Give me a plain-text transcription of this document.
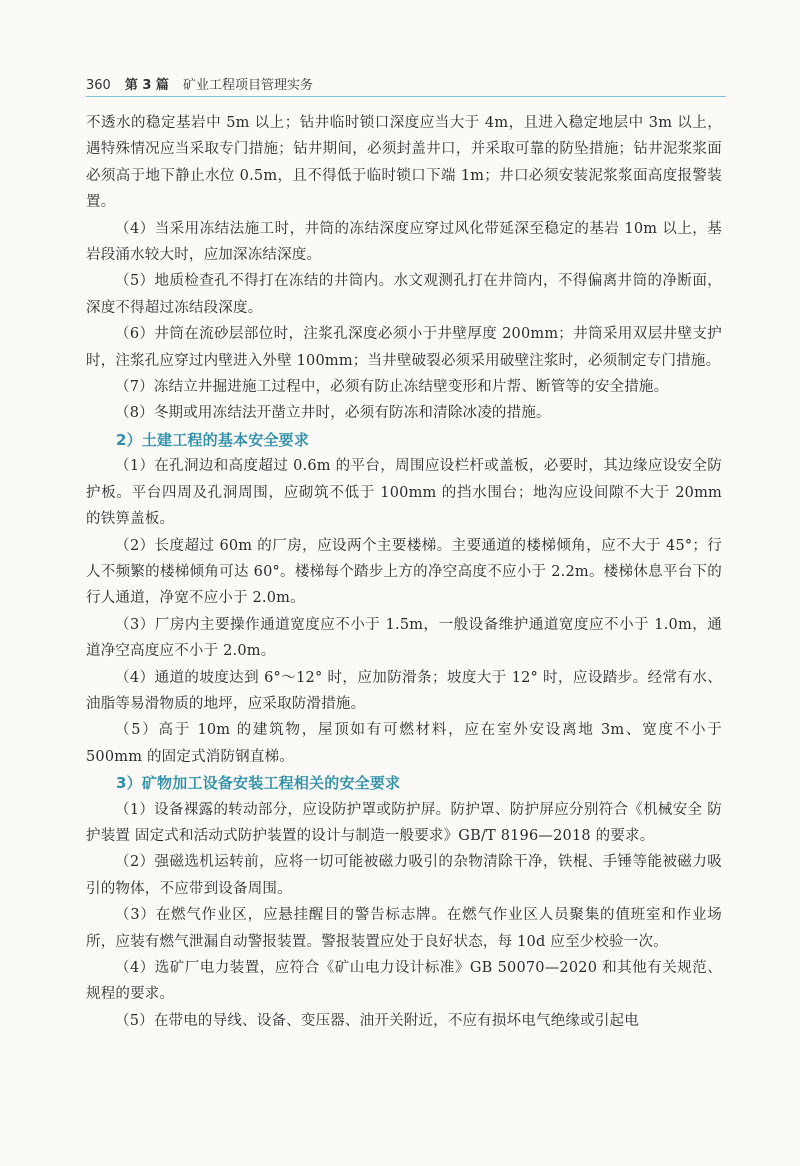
360 第 3 篇 矿业工程项目管理实务

不透水的稳定基岩中 5m 以上；钻井临时锁口深度应当大于 4m，且进入稳定地层中 3m 以上，遇特殊情况应当采取专门措施；钻井期间，必须封盖井口，并采取可靠的防坠措施；钻井泥浆浆面必须高于地下静止水位 0.5m，且不得低于临时锁口下端 1m；井口必须安装泥浆浆面高度报警装置。

（4）当采用冻结法施工时，井筒的冻结深度应穿过风化带延深至稳定的基岩 10m 以上，基岩段涌水较大时，应加深冻结深度。

（5）地质检查孔不得打在冻结的井筒内。水文观测孔打在井筒内，不得偏离井筒的净断面，深度不得超过冻结段深度。

（6）井筒在流砂层部位时，注浆孔深度必须小于井壁厚度 200mm；井筒采用双层井壁支护时，注浆孔应穿过内壁进入外壁 100mm；当井壁破裂必须采用破壁注浆时，必须制定专门措施。

（7）冻结立井掘进施工过程中，必须有防止冻结壁变形和片帮、断管等的安全措施。

（8）冬期或用冻结法开凿立井时，必须有防冻和清除冰凌的措施。

2）土建工程的基本安全要求

（1）在孔洞边和高度超过 0.6m 的平台，周围应设栏杆或盖板，必要时，其边缘应设安全防护板。平台四周及孔洞周围，应砌筑不低于 100mm 的挡水围台；地沟应设间隙不大于 20mm 的铁箅盖板。

（2）长度超过 60m 的厂房，应设两个主要楼梯。主要通道的楼梯倾角，应不大于 45°；行人不频繁的楼梯倾角可达 60°。楼梯每个踏步上方的净空高度不应小于 2.2m。楼梯休息平台下的行人通道，净宽不应小于 2.0m。

（3）厂房内主要操作通道宽度应不小于 1.5m，一般设备维护通道宽度应不小于 1.0m，通道净空高度应不小于 2.0m。

（4）通道的坡度达到 6°～12° 时，应加防滑条；坡度大于 12° 时，应设踏步。经常有水、油脂等易滑物质的地坪，应采取防滑措施。

（5）高于 10m 的建筑物，屋顶如有可燃材料，应在室外安设离地 3m、宽度不小于 500mm 的固定式消防钢直梯。

3）矿物加工设备安装工程相关的安全要求

（1）设备裸露的转动部分，应设防护罩或防护屏。防护罩、防护屏应分别符合《机械安全 防护装置 固定式和活动式防护装置的设计与制造一般要求》GB/T 8196—2018 的要求。

（2）强磁选机运转前，应将一切可能被磁力吸引的杂物清除干净，铁棍、手锤等能被磁力吸引的物体，不应带到设备周围。

（3）在燃气作业区，应悬挂醒目的警告标志牌。在燃气作业区人员聚集的值班室和作业场所，应装有燃气泄漏自动警报装置。警报装置应处于良好状态，每 10d 应至少校验一次。

（4）选矿厂电力装置，应符合《矿山电力设计标准》GB 50070—2020 和其他有关规范、规程的要求。

（5）在带电的导线、设备、变压器、油开关附近，不应有损坏电气绝缘或引起电
